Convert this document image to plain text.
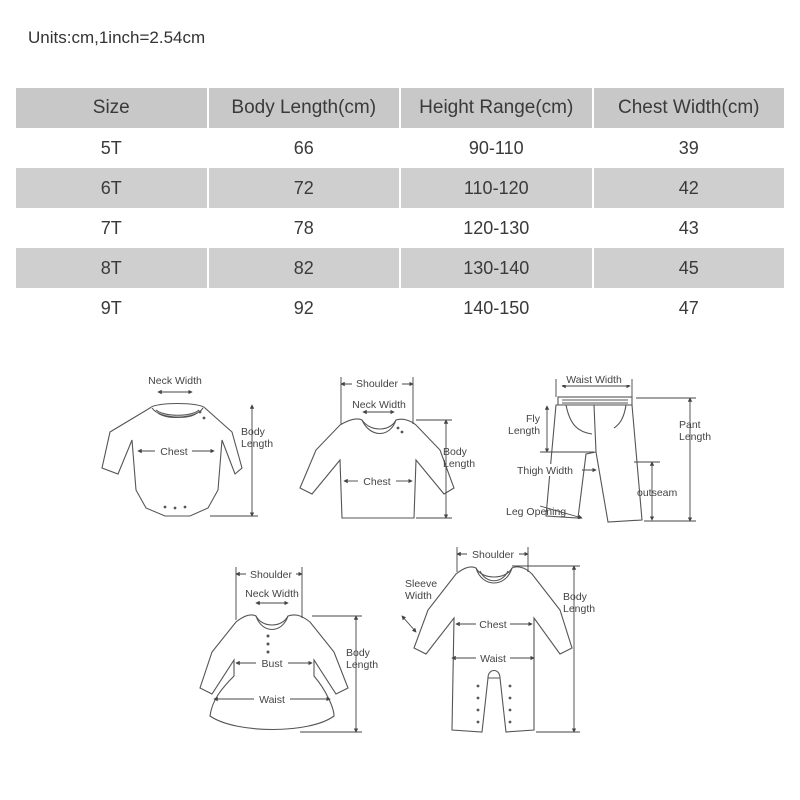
Units:cm,1inch=2.54cm
Size	Body Length(cm)	Height Range(cm)	Chest Width(cm)
5T	66	90-110	39
6T	72	110-120	42
7T	78	120-130	43
8T	82	130-140	45
9T	92	140-150	47
Neck Width
Chest
Body
Length
Shoulder
Neck Width
Chest
Body
Length
Waist Width
Fly
Length	Pant
Length
Thigh Width
outseam
Leg Opening
Shoulder
Neck Width
Bust
Waist
Body
Length
Shoulder
Sleeve
Width
Chest
Waist
Body
Length
